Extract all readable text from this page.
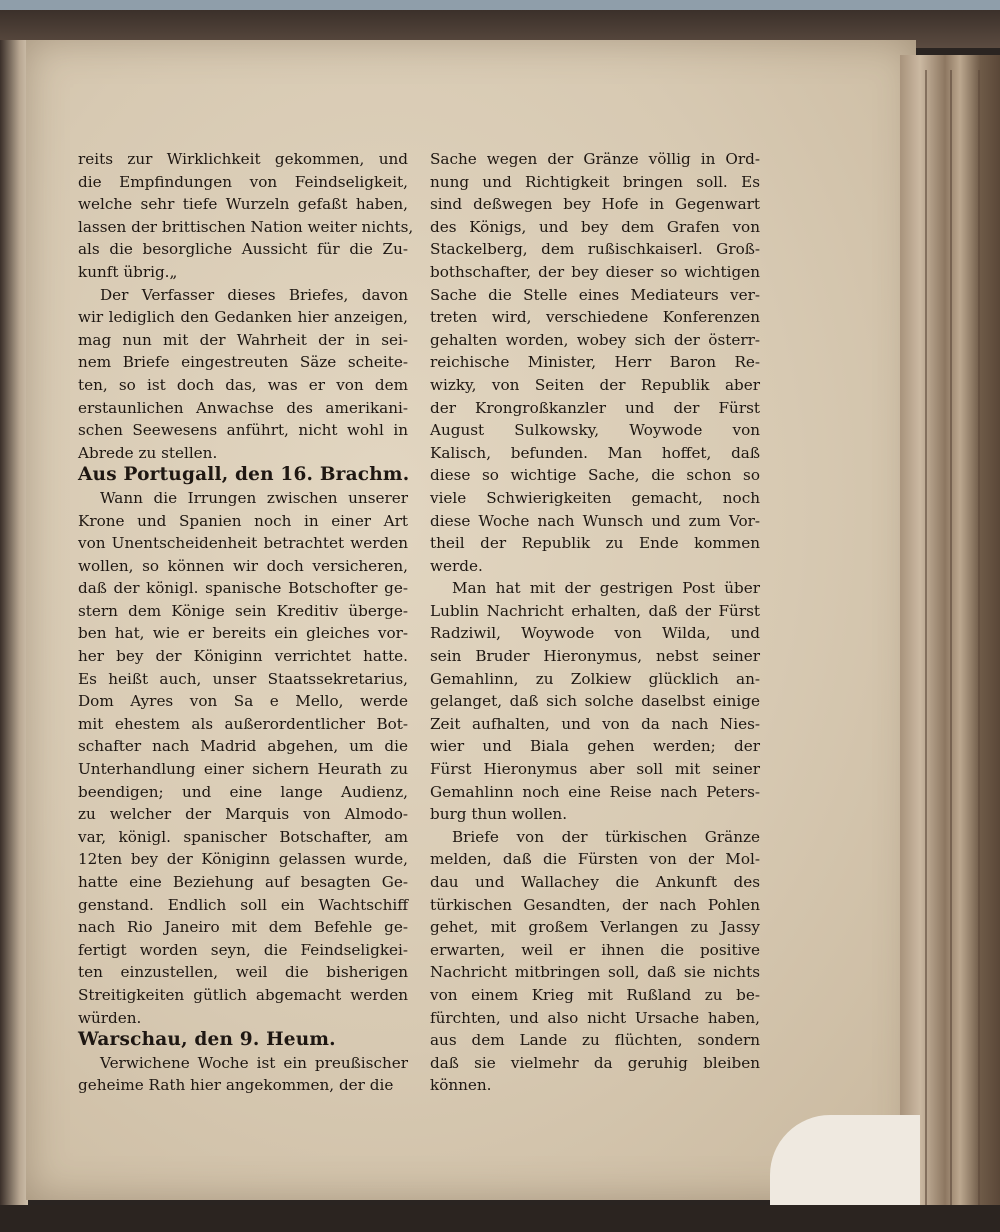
reits zur Wirklichkeit gekommen, und
die Empfindungen von Feindseligkeit,
welche sehr tiefe Wurzeln gefaßt haben,
lassen der brittischen Nation weiter nichts,
als die besorgliche Aussicht für die Zu-
kunft übrig.„
Der Verfasser dieses Briefes, davon
wir lediglich den Gedanken hier anzeigen,
mag nun mit der Wahrheit der in sei-
nem Briefe eingestreuten Säze scheite-
ten, so ist doch das, was er von dem
erstaunlichen Anwachse des amerikani-
schen Seewesens anführt, nicht wohl in
Abrede zu stellen.
Aus Portugall, den 16. Brachm.
Wann die Irrungen zwischen unserer
Krone und Spanien noch in einer Art
von Unentscheidenheit betrachtet werden
wollen, so können wir doch versicheren,
daß der königl. spanische Botschofter ge-
stern dem Könige sein Kreditiv überge-
ben hat, wie er bereits ein gleiches vor-
her bey der Königinn verrichtet hatte.
Es heißt auch, unser Staatssekretarius,
Dom Ayres von Sa e Mello, werde
mit ehestem als außerordentlicher Bot-
schafter nach Madrid abgehen, um die
Unterhandlung einer sichern Heurath zu
beendigen; und eine lange Audienz,
zu welcher der Marquis von Almodo-
var, königl. spanischer Botschafter, am
12ten bey der Königinn gelassen wurde,
hatte eine Beziehung auf besagten Ge-
genstand. Endlich soll ein Wachtschiff
nach Rio Janeiro mit dem Befehle ge-
fertigt worden seyn, die Feindseligkei-
ten einzustellen, weil die bisherigen
Streitigkeiten gütlich abgemacht werden
würden.
Warschau, den 9. Heum.
Verwichene Woche ist ein preußischer
geheime Rath hier angekommen, der die
Sache wegen der Gränze völlig in Ord-
nung und Richtigkeit bringen soll. Es
sind deßwegen bey Hofe in Gegenwart
des Königs, und bey dem Grafen von
Stackelberg, dem rußischkaiserl. Groß-
bothschafter, der bey dieser so wichtigen
Sache die Stelle eines Mediateurs ver-
treten wird, verschiedene Konferenzen
gehalten worden, wobey sich der österr-
reichische Minister, Herr Baron Re-
wizky, von Seiten der Republik aber
der Krongroßkanzler und der Fürst
August Sulkowsky, Woywode von
Kalisch, befunden. Man hoffet, daß
diese so wichtige Sache, die schon so
viele Schwierigkeiten gemacht, noch
diese Woche nach Wunsch und zum Vor-
theil der Republik zu Ende kommen
werde.
Man hat mit der gestrigen Post über
Lublin Nachricht erhalten, daß der Fürst
Radziwil, Woywode von Wilda, und
sein Bruder Hieronymus, nebst seiner
Gemahlinn, zu Zolkiew glücklich an-
gelanget, daß sich solche daselbst einige
Zeit aufhalten, und von da nach Nies-
wier und Biala gehen werden; der
Fürst Hieronymus aber soll mit seiner
Gemahlinn noch eine Reise nach Peters-
burg thun wollen.
Briefe von der türkischen Gränze
melden, daß die Fürsten von der Mol-
dau und Wallachey die Ankunft des
türkischen Gesandten, der nach Pohlen
gehet, mit großem Verlangen zu Jassy
erwarten, weil er ihnen die positive
Nachricht mitbringen soll, daß sie nichts
von einem Krieg mit Rußland zu be-
fürchten, und also nicht Ursache haben,
aus dem Lande zu flüchten, sondern
daß sie vielmehr da geruhig bleiben
können.
